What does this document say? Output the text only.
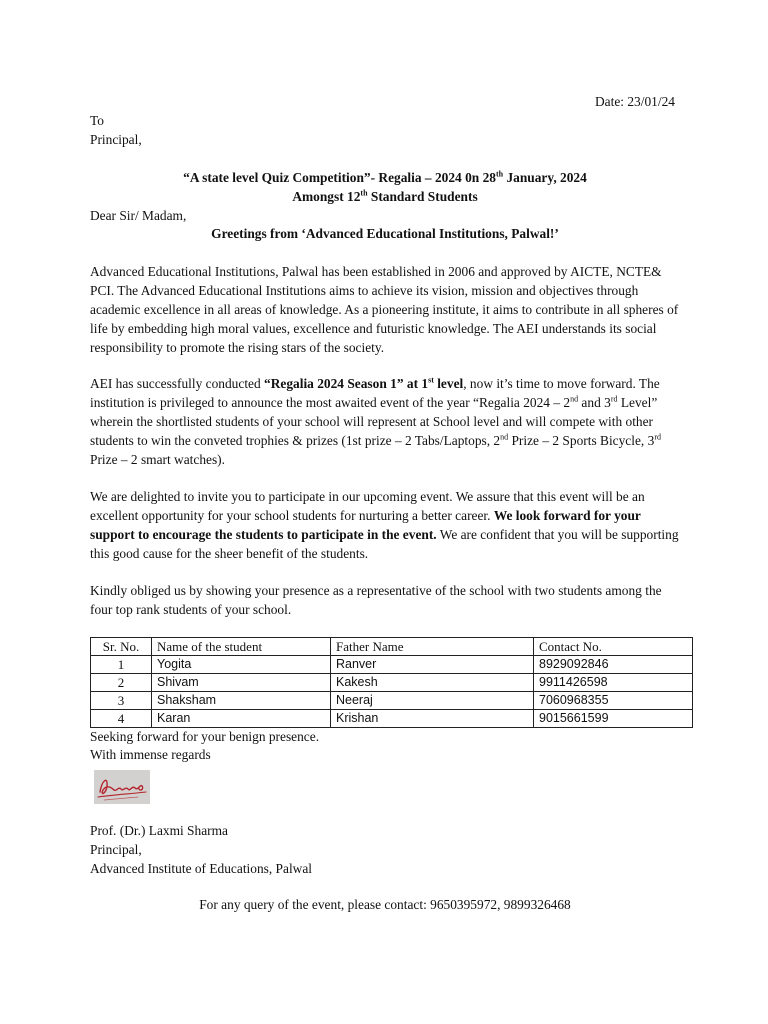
Date: 23/01/24
To
Principal,
“A state level Quiz Competition”- Regalia – 2024 0n 28th January, 2024
Amongst 12th Standard Students
Dear Sir/ Madam,
Greetings from ‘Advanced Educational Institutions, Palwal!’

Advanced Educational Institutions, Palwal has been established in 2006 and approved by AICTE, NCTE& PCI. The Advanced Educational Institutions aims to achieve its vision, mission and objectives through academic excellence in all areas of knowledge. As a pioneering institute, it aims to contribute in all spheres of life by embedding high moral values, excellence and futuristic knowledge. The AEI understands its social responsibility to promote the rising stars of the society.

AEI has successfully conducted “Regalia 2024 Season 1” at 1st level, now it’s time to move forward. The institution is privileged to announce the most awaited event of the year “Regalia 2024 – 2nd and 3rd Level” wherein the shortlisted students of your school will represent at School level and will compete with other students to win the conveted trophies & prizes (1st prize – 2 Tabs/Laptops, 2nd Prize – 2 Sports Bicycle, 3rd Prize – 2 smart watches).

We are delighted to invite you to participate in our upcoming event. We assure that this event will be an excellent opportunity for your school students for nurturing a better career. We look forward for your support to encourage the students to participate in the event. We are confident that you will be supporting this good cause for the sheer benefit of the students.

Kindly obliged us by showing your presence as a representative of the school with two students among the four top rank students of your school.

Sr. No.	Name of the student	Father Name	Contact No.
1	Yogita	Ranver	8929092846
2	Shivam	Kakesh	9911426598
3	Shaksham	Neeraj	7060968355
4	Karan	Krishan	9015661599
Seeking forward for your benign presence.
With immense regards
Prof. (Dr.) Laxmi Sharma
Principal,
Advanced Institute of Educations, Palwal
For any query of the event, please contact: 9650395972, 9899326468
